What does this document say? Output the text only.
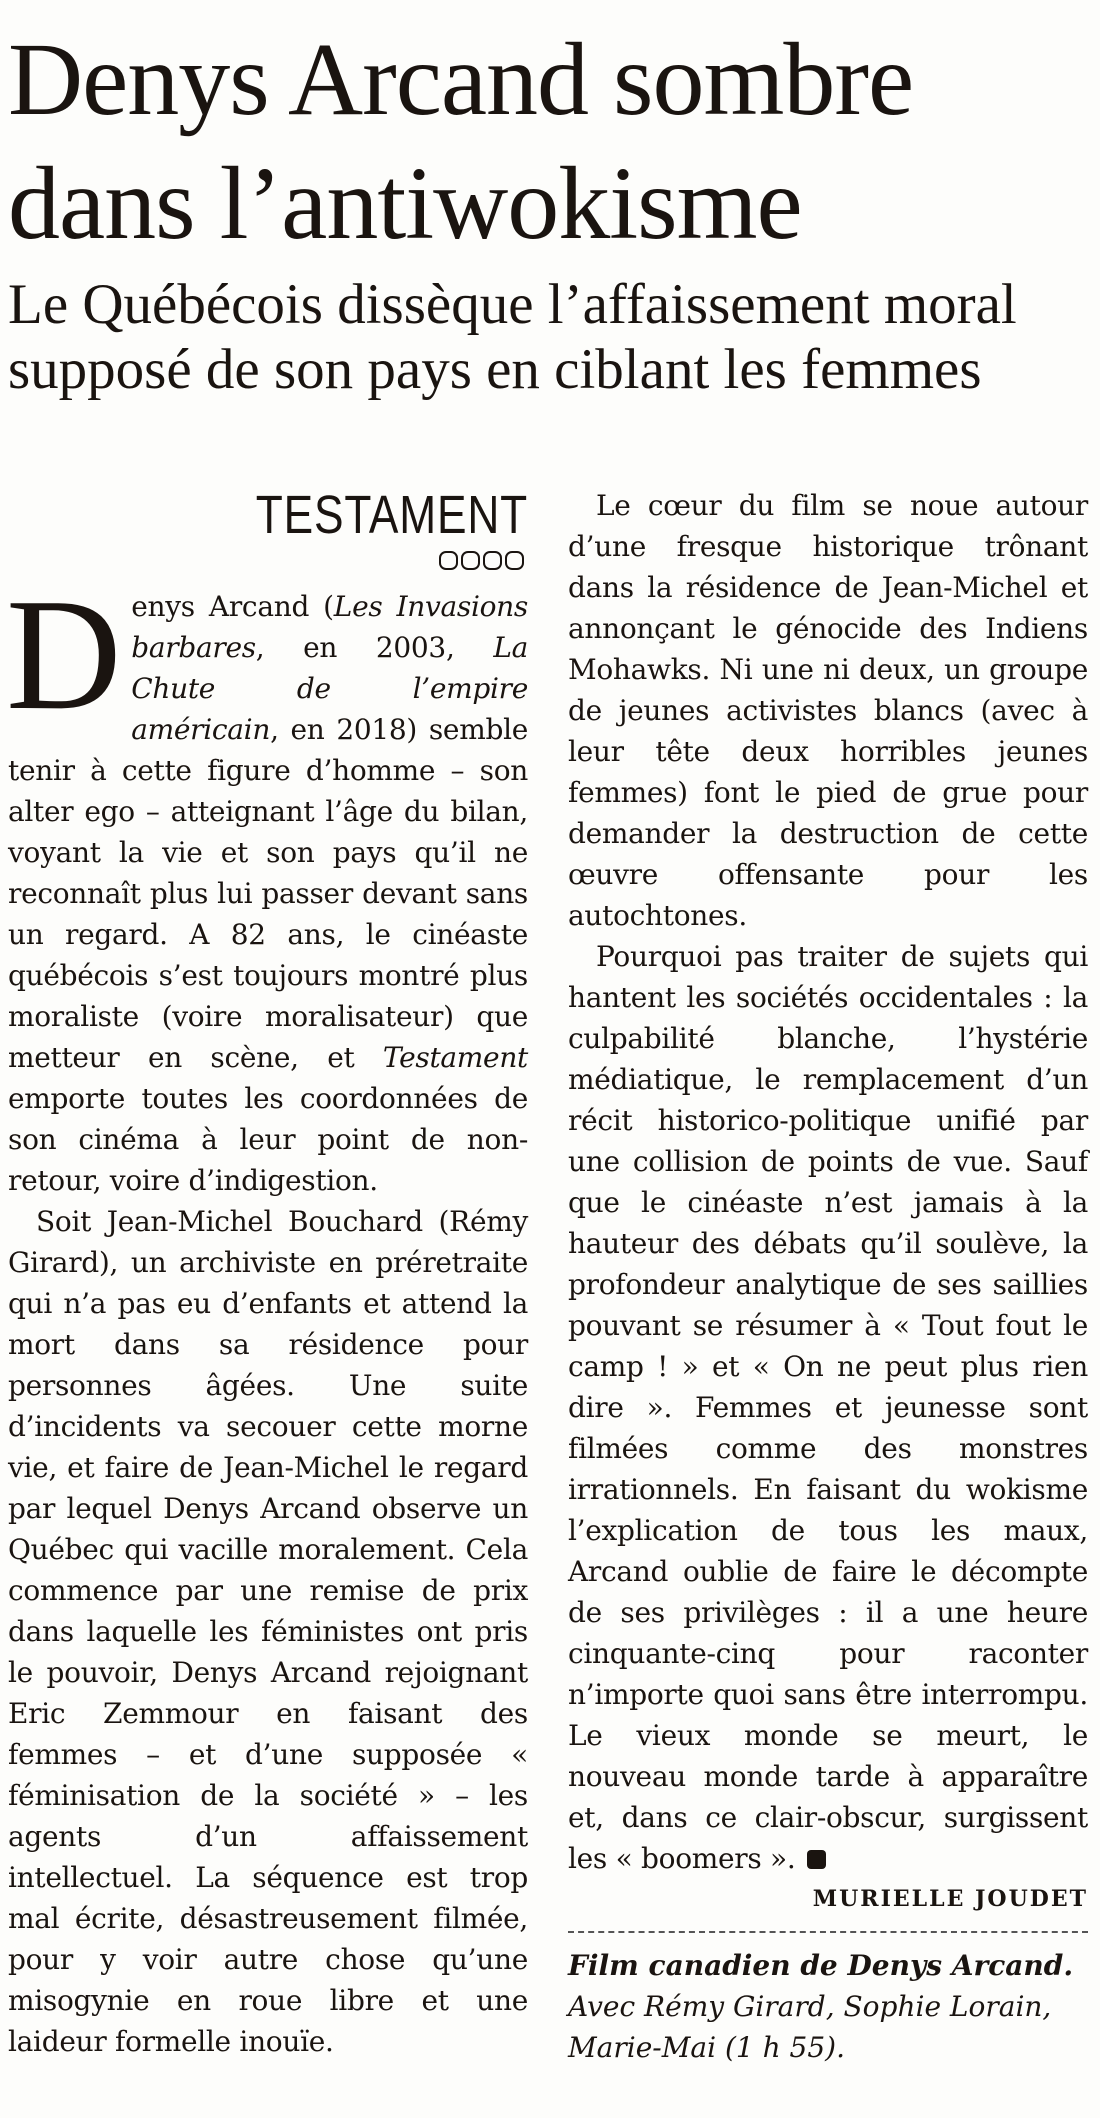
Denys Arcand sombre dans l’antiwokisme
Le Québécois dissèque l’affaissement moral supposé de son pays en ciblant les femmes
TESTAMENT

Denys Arcand (Les Invasions barbares, en 2003, La Chute de l’empire américain, en 2018) semble tenir à cette figure d’homme – son alter ego – atteignant l’âge du bilan, voyant la vie et son pays qu’il ne reconnaît plus lui passer devant sans un regard. A 82 ans, le cinéaste québécois s’est toujours montré plus moraliste (voire moralisateur) que metteur en scène, et Testament emporte toutes les coordonnées de son cinéma à leur point de non-retour, voire d’indigestion.

Soit Jean-Michel Bouchard (Rémy Girard), un archiviste en préretraite qui n’a pas eu d’enfants et attend la mort dans sa résidence pour personnes âgées. Une suite d’incidents va secouer cette morne vie, et faire de Jean-Michel le regard par lequel Denys Arcand observe un Québec qui vacille moralement. Cela commence par une remise de prix dans laquelle les féministes ont pris le pouvoir, Denys Arcand rejoignant Eric Zemmour en faisant des femmes – et d’une supposée « féminisation de la société » – les agents d’un affaissement intellectuel. La séquence est trop mal écrite, désastreusement filmée, pour y voir autre chose qu’une misogynie en roue libre et une laideur formelle inouïe.

Le cœur du film se noue autour d’une fresque historique trônant dans la résidence de Jean-Michel et annonçant le génocide des Indiens Mohawks. Ni une ni deux, un groupe de jeunes activistes blancs (avec à leur tête deux horribles jeunes femmes) font le pied de grue pour demander la destruction de cette œuvre offensante pour les autochtones.

Pourquoi pas traiter de sujets qui hantent les sociétés occidentales : la culpabilité blanche, l’hystérie médiatique, le remplacement d’un récit historico-politique unifié par une collision de points de vue. Sauf que le cinéaste n’est jamais à la hauteur des débats qu’il soulève, la profondeur analytique de ses saillies pouvant se résumer à « Tout fout le camp ! » et « On ne peut plus rien dire ». Femmes et jeunesse sont filmées comme des monstres irrationnels. En faisant du wokisme l’explication de tous les maux, Arcand oublie de faire le décompte de ses privilèges : il a une heure cinquante-cinq pour raconter n’importe quoi sans être interrompu. Le vieux monde se meurt, le nouveau monde tarde à apparaître et, dans ce clair-obscur, surgissent les « boomers ».

MURIELLE JOUDET

Film canadien de Denys Arcand.

Avec Rémy Girard, Sophie Lorain, Marie-Mai (1 h 55).
